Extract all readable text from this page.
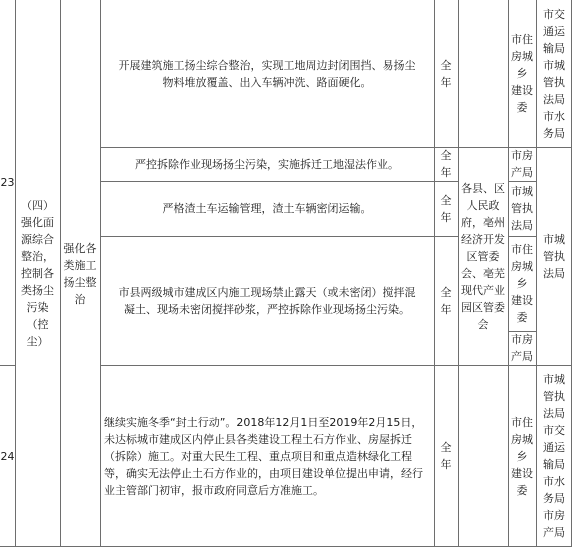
23
24
（四）
强化面
源综合
整治，
控制各
类扬尘
污染
（控
尘）
强化各
类施工
扬尘整
治
开展建筑施工扬尘综合整治，实现工地周边封闭围挡、易扬尘
物料堆放覆盖、出入车辆冲洗、路面硬化。
全年
严控拆除作业现场扬尘污染，实施拆迁工地湿法作业。
全年
严格渣土车运输管理，渣土车辆密闭运输。
全年
市县两级城市建成区内施工现场禁止露天（或未密闭）搅拌混
凝土、现场未密闭搅拌砂浆，严控拆除作业现场扬尘污染。
全年
继续实施冬季“封土行动”。2018年12月1日至2019年2月15日，未达标城市建成区内停止县各类建设工程土石方作业、房屋拆迁（拆除）施工。对重大民生工程、重点项目和重点造林绿化工程等，确实无法停止土石方作业的，由项目建设单位提出申请，经行业主管部门初审，报市政府同意后方准施工。
全年
各县、区
人民政
府，亳州
经济开发
区管委
会、亳芜
现代产业
园区管委
会
市住
房城
乡
建设
委
市房
产局
市城
管执
法局
市住
房城
乡
建设
委
市房
产局
市住
房城
乡
建设
委
市交
通运
输局
市城
管执
法局
市水
务局
市城
管执
法局
市城
管执
法局
市交
通运
输局
市水
务局
市房
产局
